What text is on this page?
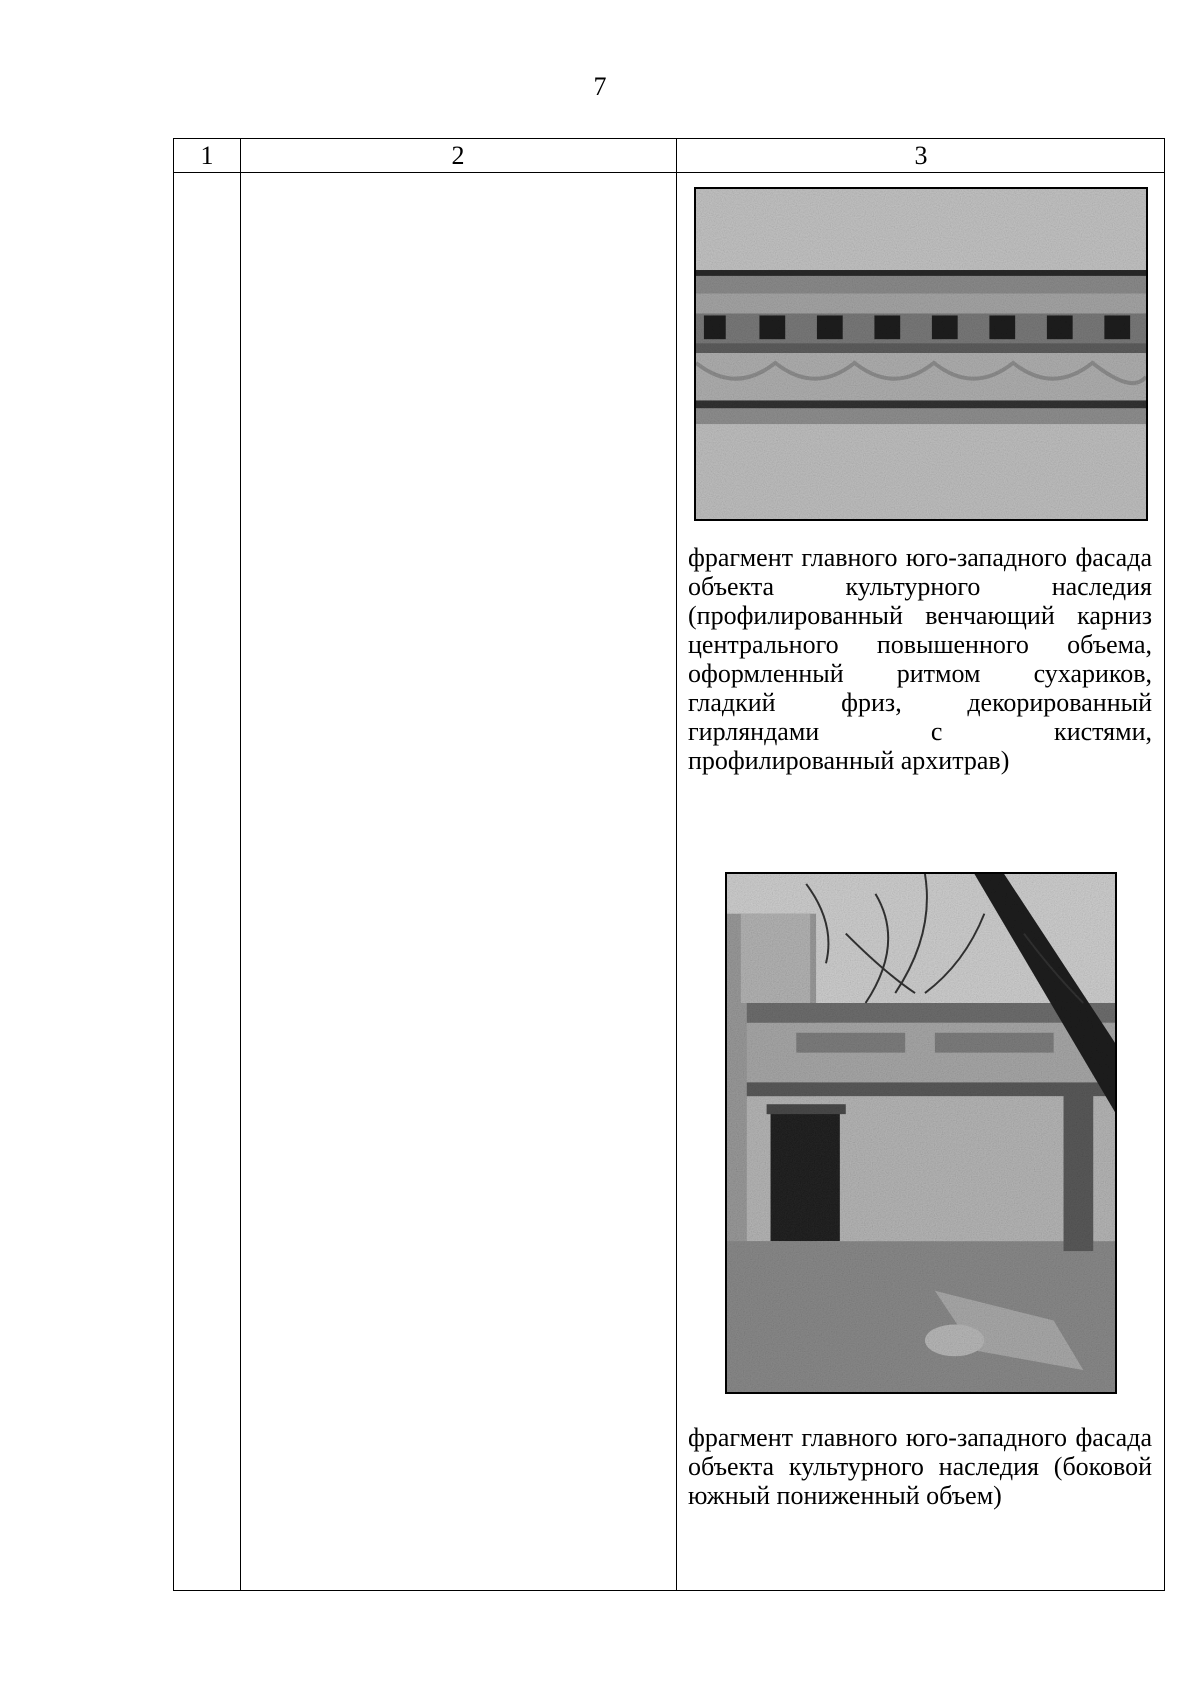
7
1	2	3
фрагмент главного юго-западного фасада объекта культурного наследия (профилированный венчающий карниз центрального повышенного объема, оформленный ритмом сухариков, гладкий фриз, декорированный гирляндами с кистями, профилированный архитрав)
фрагмент главного юго-западного фасада объекта культурного наследия (боковой южный пониженный объем)
